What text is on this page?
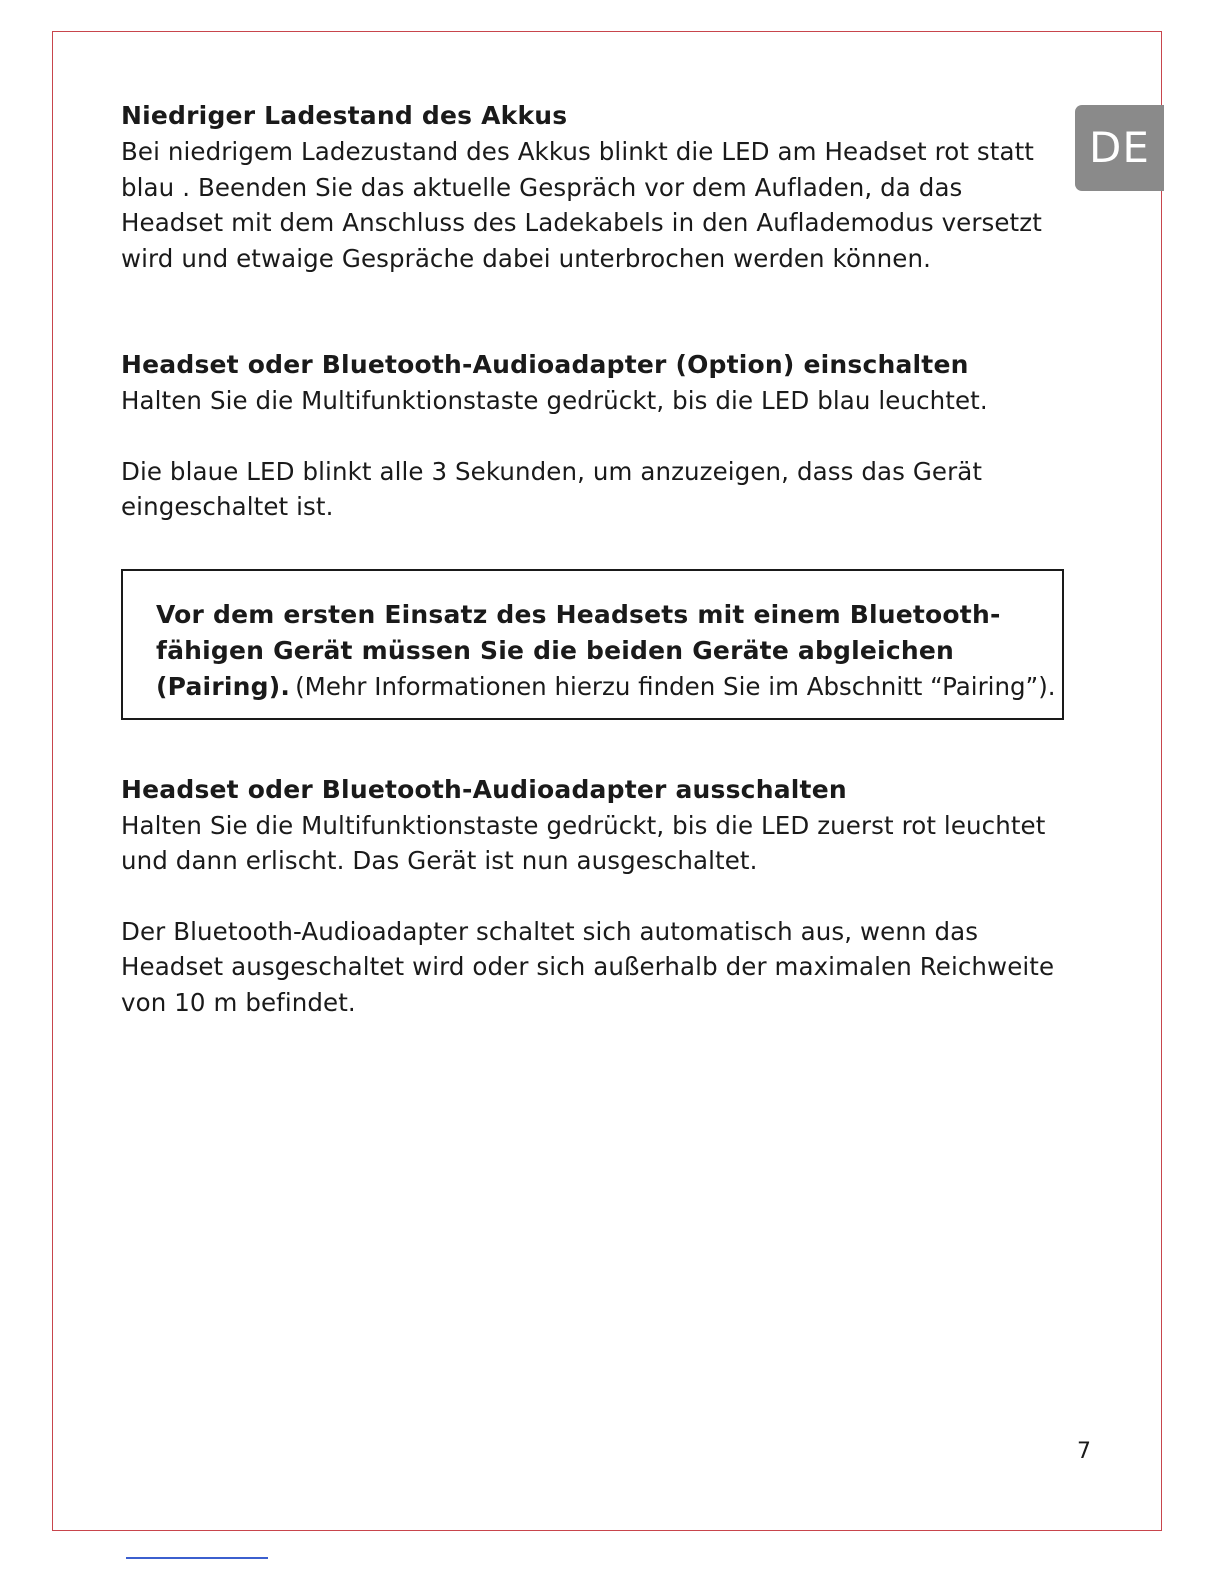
DE
Niedriger Ladestand des Akkus

Bei niedrigem Ladezustand des Akkus blinkt die LED am Headset rot statt blau . Beenden Sie das aktuelle Gespräch vor dem Aufladen, da das Headset mit dem Anschluss des Ladekabels in den Auflademodus versetzt wird und etwaige Gespräche dabei unterbrochen werden können.

Headset oder Bluetooth-Audioadapter (Option) einschalten

Halten Sie die Multifunktionstaste gedrückt, bis die LED blau leuchtet.

Die blaue LED blinkt alle 3 Sekunden, um anzuzeigen, dass das Gerät eingeschaltet ist.

Vor dem ersten Einsatz des Headsets mit einem Bluetooth-fähigen Gerät müssen Sie die beiden Geräte abgleichen (Pairing). (Mehr Informationen hierzu finden Sie im Abschnitt “Pairing”).
Headset oder Bluetooth-Audioadapter ausschalten

Halten Sie die Multifunktionstaste gedrückt, bis die LED zuerst rot leuchtet und dann erlischt. Das Gerät ist nun ausgeschaltet.

Der Bluetooth-Audioadapter schaltet sich automatisch aus, wenn das Headset ausgeschaltet wird oder sich außerhalb der maximalen Reichweite von 10 m befindet.

7
